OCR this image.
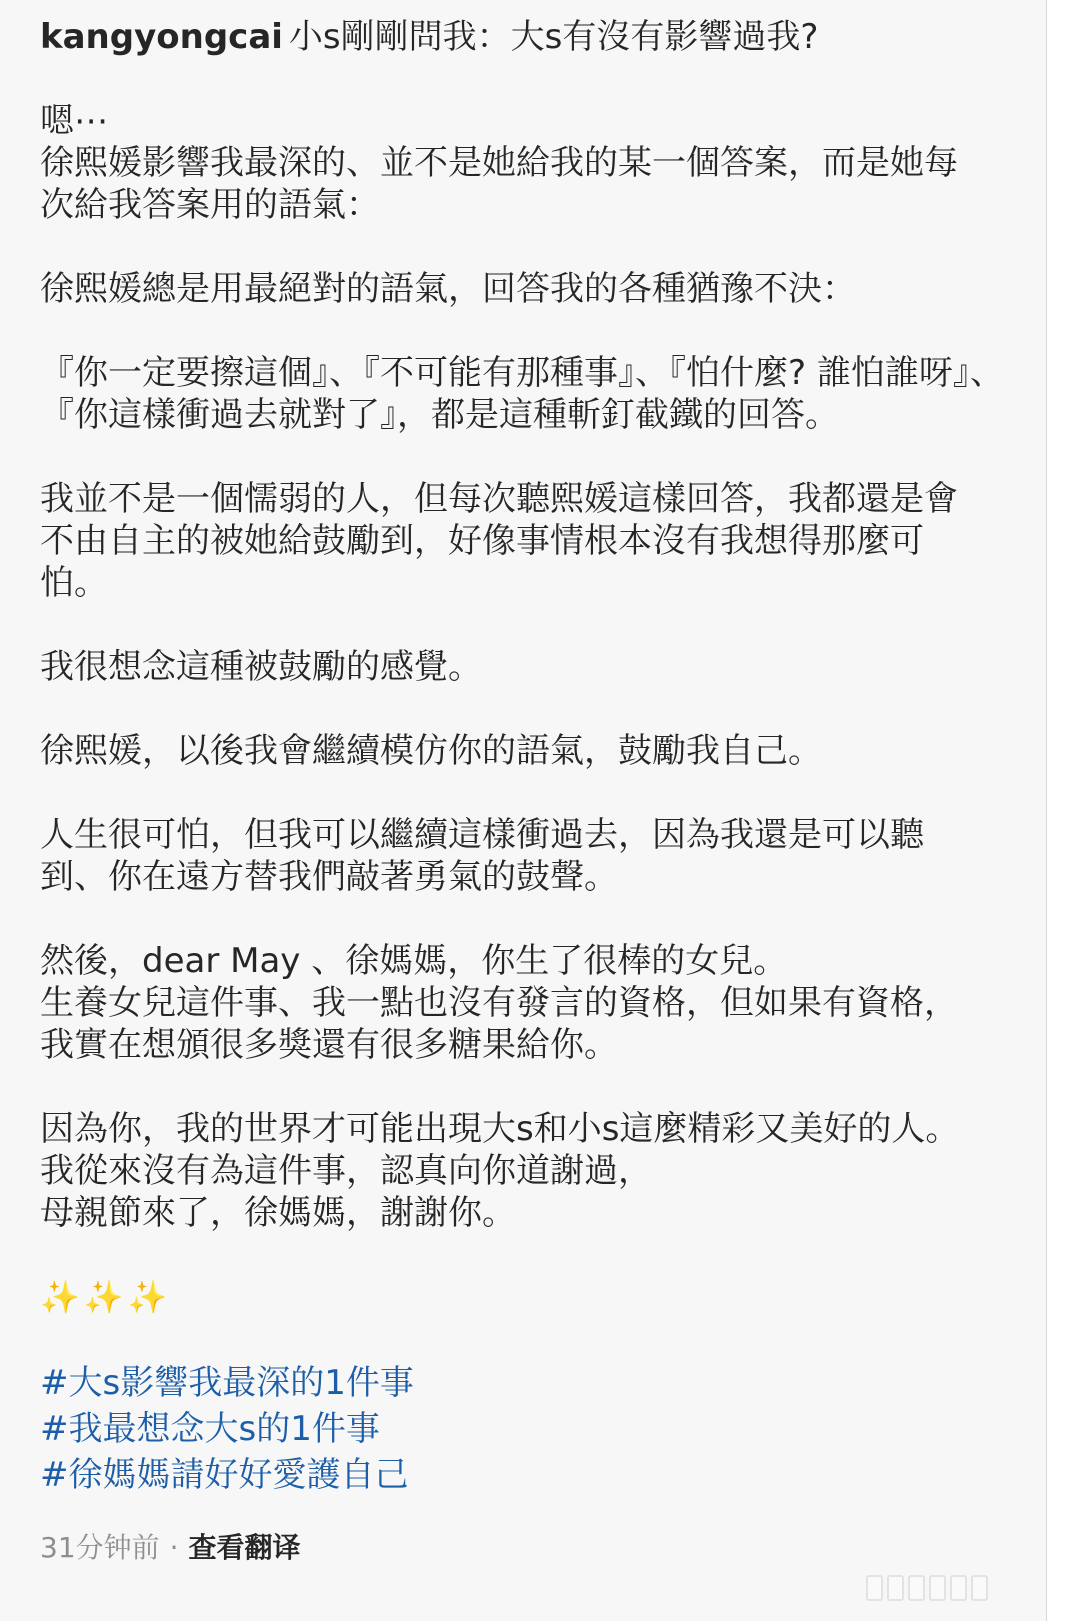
kangyongcai 小s剛剛問我：大s有沒有影響過我?
嗯⋯
徐熙媛影響我最深的、並不是她給我的某一個答案，而是她每
次給我答案用的語氣：
徐熙媛總是用最絕對的語氣，回答我的各種猶豫不決：
『你一定要擦這個』、『不可能有那種事』、『怕什麼? 誰怕誰呀』、
『你這樣衝過去就對了』，都是這種斬釘截鐵的回答。
我並不是一個懦弱的人，但每次聽熙媛這樣回答，我都還是會
不由自主的被她給鼓勵到，好像事情根本沒有我想得那麼可
怕。
我很想念這種被鼓勵的感覺。
徐熙媛，以後我會繼續模仿你的語氣，鼓勵我自己。
人生很可怕，但我可以繼續這樣衝過去，因為我還是可以聽
到、你在遠方替我們敲著勇氣的鼓聲。
然後，dear May 、徐媽媽，你生了很棒的女兒。
生養女兒這件事、我一點也沒有發言的資格，但如果有資格，
我實在想頒很多獎還有很多糖果給你。
因為你，我的世界才可能出現大s和小s這麼精彩又美好的人。
我從來沒有為這件事，認真向你道謝過，
母親節來了，徐媽媽，謝謝你。
✨✨✨
#大s影響我最深的1件事
#我最想念大s的1件事
#徐媽媽請好好愛護自己
31分钟前 · 查看翻译
